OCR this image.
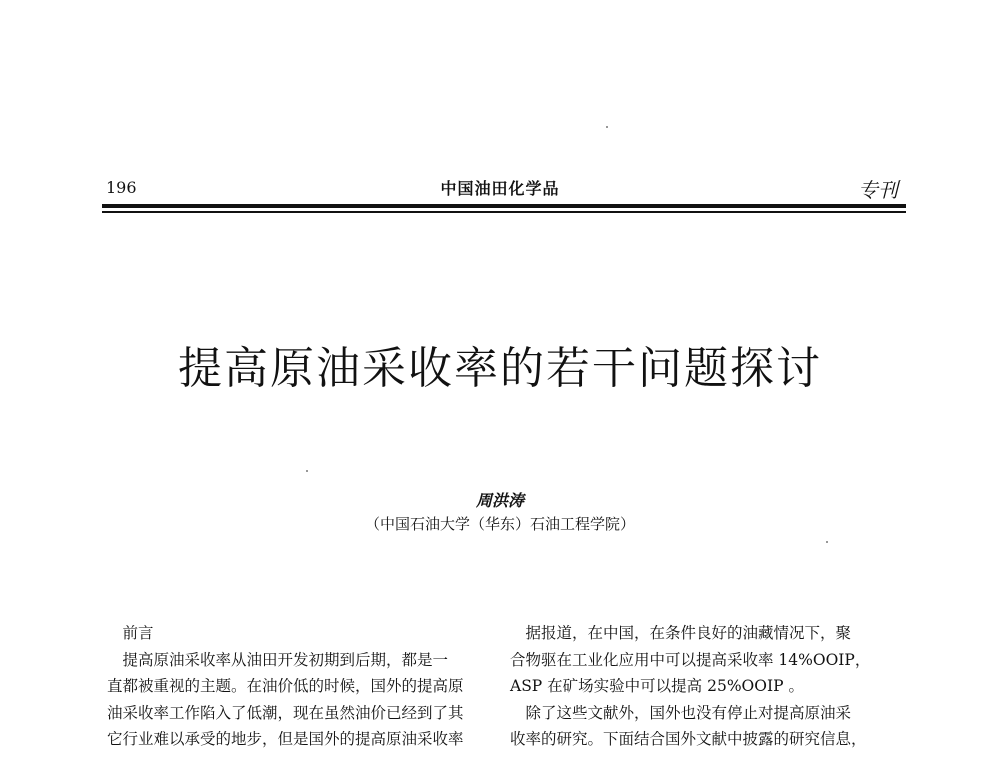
196	中国油田化学品	专刊
提高原油采收率的若干问题探讨
周洪涛
（中国石油大学（华东）石油工程学院）

　前言

　提高原油采收率从油田开发初期到后期，都是一

直都被重视的主题。在油价低的时候，国外的提高原

油采收率工作陷入了低潮，现在虽然油价已经到了其

它行业难以承受的地步，但是国外的提高原油采收率

　据报道，在中国，在条件良好的油藏情况下，聚

合物驱在工业化应用中可以提高采收率 14%OOIP，

ASP 在矿场实验中可以提高 25%OOIP 。

　除了这些文献外，国外也没有停止对提高原油采

收率的研究。下面结合国外文献中披露的研究信息，
